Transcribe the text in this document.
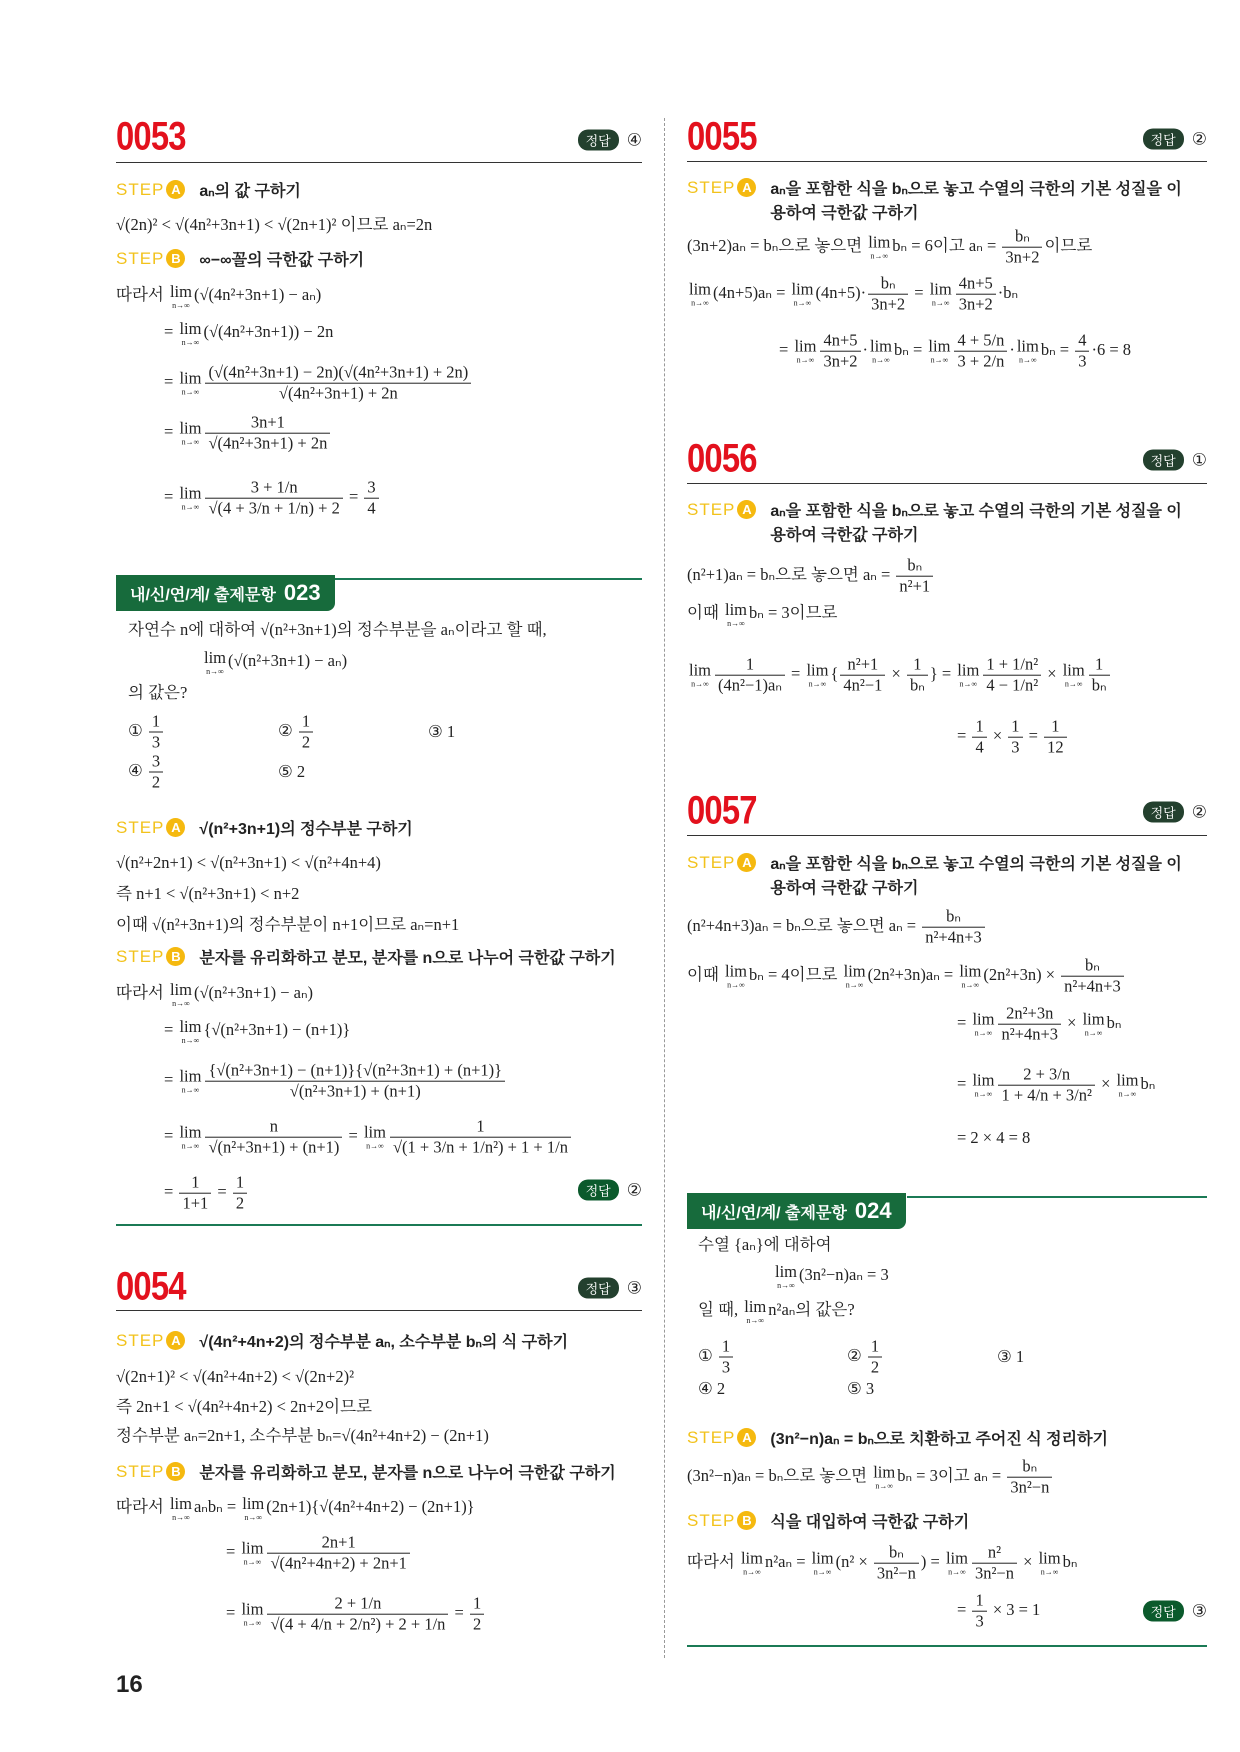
0053	정답 ④
STEP A	aₙ의 값 구하기
√(2n)² < √(4n²+3n+1) < √(2n+1)² 이므로 aₙ=2n
STEP B	∞−∞꼴의 극한값 구하기
따라서 lim
n→∞
(√(4n²+3n+1) − aₙ)
= lim
n→∞
(√(4n²+3n+1)) − 2n
= lim
$n\to\infty \frac{\text{(√(4n²+3n+1) − 2n)(√(4n²+3n+1) + 2n)}}{\text{√(4n²+3n+1) + 2n}}$
= lim
$n\to\infty \frac{3n+1}{\text{√(4n²+3n+1) + 2n}}$
= lim
$n\to\infty \frac{3 + 1/n}{√(4 + 3/n + 1/n) + 2} = \frac{3}{4}$
내/신/연/계/ 출제문항 023
자연수 n에 대하여 √(n²+3n+1)의 정수부분을 aₙ이라고 할 때,
lim
n→∞
(√(n²+3n+1) − aₙ)
의 값은?
① $\frac{1}{3}$	② $\frac{1}{2}$	③ 1
④ $\frac{3}{2}$	⑤ 2
STEP A	√(n²+3n+1)의 정수부분 구하기
√(n²+2n+1) < √(n²+3n+1) < √(n²+4n+4)
즉 n+1 < √(n²+3n+1) < n+2
이때 √(n²+3n+1)의 정수부분이 n+1이므로 aₙ=n+1
STEP B	분자를 유리화하고 분모, 분자를 n으로 나누어 극한값 구하기
따라서 lim
n→∞
(√(n²+3n+1) − aₙ)
= lim
n→∞
{√(n²+3n+1) − (n+1)}
= lim
$n\to\infty \frac{\text{\{√(n²+3n+1) − (n+1)\}\{√(n²+3n+1) + (n+1)\}}}{\text{√(n²+3n+1) + (n+1)}}$
= lim
$n\to\infty \frac{n}{\text{√(n²+3n+1) + (n+1)}} = \lim$
$n\to\infty \frac{1}{\text{√(1 + 3/n + 1/n²) + 1 + 1/n}}$
= $\frac{1}{1+1} = \frac{1}{2}$	정답 ②
0054	정답 ③
STEP A	√(4n²+4n+2)의 정수부분 aₙ, 소수부분 bₙ의 식 구하기
√(2n+1)² < √(4n²+4n+2) < √(2n+2)²
즉 2n+1 < √(4n²+4n+2) < 2n+2이므로
정수부분 aₙ=2n+1, 소수부분 bₙ=√(4n²+4n+2) − (2n+1)
STEP B	분자를 유리화하고 분모, 분자를 n으로 나누어 극한값 구하기
따라서 lim
n→∞
aₙbₙ = lim
n→∞
(2n+1){√(4n²+4n+2) − (2n+1)}
= lim
$n\to\infty \frac{2n+1}{\text{√(4n²+4n+2) + 2n+1}}$
= lim
$n\to\infty \frac{2 + 1/n}{\text{√(4 + 4/n + 2/n²) + 2 + 1/n}} = \frac{1}{2}$
16
0055	정답 ②
STEP A	aₙ을 포함한 식을 bₙ으로 놓고 수열의 극한의 기본 성질을 이용하여 극한값 구하기
(3n+2)aₙ = bₙ으로 놓으면 lim
n→∞
bₙ = 6이고 $a_n = \frac{\text{bₙ}}{3n+2}$ 이므로
lim
n→∞
(4n+5)aₙ = lim
n→∞
$(4n+5)\cdot \frac{\text{bₙ}}{3n+2} = \lim$
$n\to\infty \frac{4n+5}{3n+2} \cdot b_n$
= lim
$n\to\infty \frac{4n+5}{3n+2} \cdot \lim$
n→∞
bₙ = lim
$n\to\infty \frac{4 + 5/n}{3 + 2/n} \cdot \lim$
n→∞
$b_n = \frac{4}{3} \cdot 6 = 8$
0056	정답 ①
STEP A	aₙ을 포함한 식을 bₙ으로 놓고 수열의 극한의 기본 성질을 이용하여 극한값 구하기
(n²+1)aₙ = bₙ으로 놓으면 $a_n = \frac{\text{bₙ}}{\text{n²+1}}$
이때 lim
n→∞
bₙ = 3이므로
lim
$n\to\infty \frac{1}{\text{(4n²−1)aₙ}} = \lim$
n→∞
{ $\frac{\text{n²+1}}{\text{4n²−1}} \times \frac{1}{\text{bₙ}}$ } = lim
$n\to\infty \frac{\text{1 + 1/n²}}{\text{4 − 1/n²}} \times \lim$
$n\to\infty \frac{1}{\text{bₙ}}$
= $\frac{1}{4} \times \frac{1}{3} = \frac{1}{12}$
0057	정답 ②
STEP A	aₙ을 포함한 식을 bₙ으로 놓고 수열의 극한의 기본 성질을 이용하여 극한값 구하기
(n²+4n+3)aₙ = bₙ으로 놓으면 $a_n = \frac{\text{bₙ}}{\text{n²+4n+3}}$
이때 lim
n→∞
bₙ = 4이므로 lim
n→∞
(2n²+3n)aₙ = lim
n→∞
$(2n^2+3n) \times \frac{\text{bₙ}}{\text{n²+4n+3}}$
= lim
$n\to\infty \frac{\text{2n²+3n}}{\text{n²+4n+3}} \times \lim$
n→∞
bₙ
= lim
$n\to\infty \frac{2 + 3/n}{\text{1 + 4/n + 3/n²}} \times \lim$
n→∞
bₙ
= 2 × 4 = 8
내/신/연/계/ 출제문항 024
수열 {aₙ}에 대하여
lim
n→∞
(3n²−n)aₙ = 3
일 때, lim
n→∞
n²aₙ의 값은?
① $\frac{1}{3}$	② $\frac{1}{2}$	③ 1
④ 2	⑤ 3
STEP A	(3n²−n)aₙ = bₙ으로 치환하고 주어진 식 정리하기
(3n²−n)aₙ = bₙ으로 놓으면 lim
n→∞
bₙ = 3이고 $a_n = \frac{\text{bₙ}}{\text{3n²−n}}$
STEP B	식을 대입하여 극한값 구하기
따라서 lim
n→∞
n²aₙ = lim
n→∞
($n^2 \times \frac{\text{bₙ}}{\text{3n²−n}}$ ) = lim
$n\to\infty \frac{\text{n²}}{\text{3n²−n}} \times \lim$
n→∞
bₙ
= $\frac{1}{3} \times 3 = 1$	정답 ③
